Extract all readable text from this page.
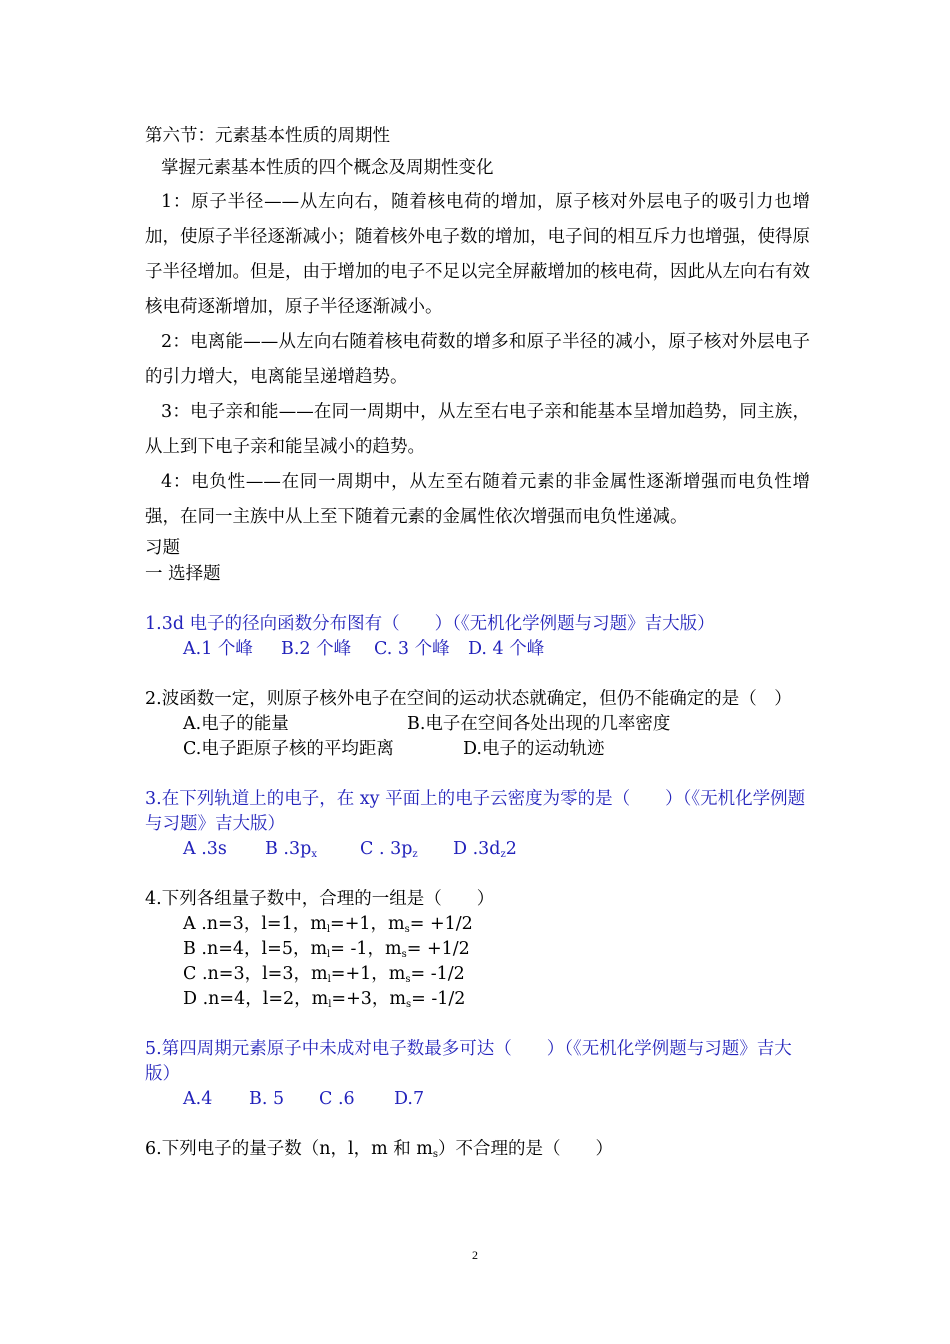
第六节：元素基本性质的周期性

掌握元素基本性质的四个概念及周期性变化

1：原子半径——从左向右，随着核电荷的增加，原子核对外层电子的吸引力也增加，使原子半径逐渐减小；随着核外电子数的增加，电子间的相互斥力也增强，使得原子半径增加。但是，由于增加的电子不足以完全屏蔽增加的核电荷，因此从左向右有效核电荷逐渐增加，原子半径逐渐减小。

2：电离能——从左向右随着核电荷数的增多和原子半径的减小，原子核对外层电子的引力增大，电离能呈递增趋势。

3：电子亲和能——在同一周期中，从左至右电子亲和能基本呈增加趋势，同主族，从上到下电子亲和能呈减小的趋势。

4：电负性——在同一周期中，从左至右随着元素的非金属性逐渐增强而电负性增强，在同一主族中从上至下随着元素的金属性依次增强而电负性递减。

习题

一 选择题

1.3d 电子的径向函数分布图有（　　）（《无机化学例题与习题》吉大版）

A.1 个峰 B.2 个峰 C. 3 个峰 D. 4 个峰

2.波函数一定，则原子核外电子在空间的运动状态就确定，但仍不能确定的是（　）

A.电子的能量	B.电子在空间各处出现的几率密度
C.电子距原子核的平均距离	D.电子的运动轨迹

3.在下列轨道上的电子，在 xy 平面上的电子云密度为零的是（　　）（《无机化学例题与习题》吉大版）

A .3s B $.3p_x$ C . $3p_z$ D $.3d_z2$

4.下列各组量子数中，合理的一组是（　　）

A .n=3，l=1，$m_l=+1$，$m_s= +1/2$
B .n=4，l=5，$m_l= -1$，$m_s= +1/2$
C .n=3，l=3，$m_l=+1$，$m_s= -1/2$
D .n=4，l=2，$m_l=+3$，$m_s= -1/2$

5.第四周期元素原子中未成对电子数最多可达（　　）（《无机化学例题与习题》吉大版）

A.4 B. 5 C .6 D.7

6.下列电子的量子数（n，l，m 和 $m_s$）不合理的是（　　）

2
